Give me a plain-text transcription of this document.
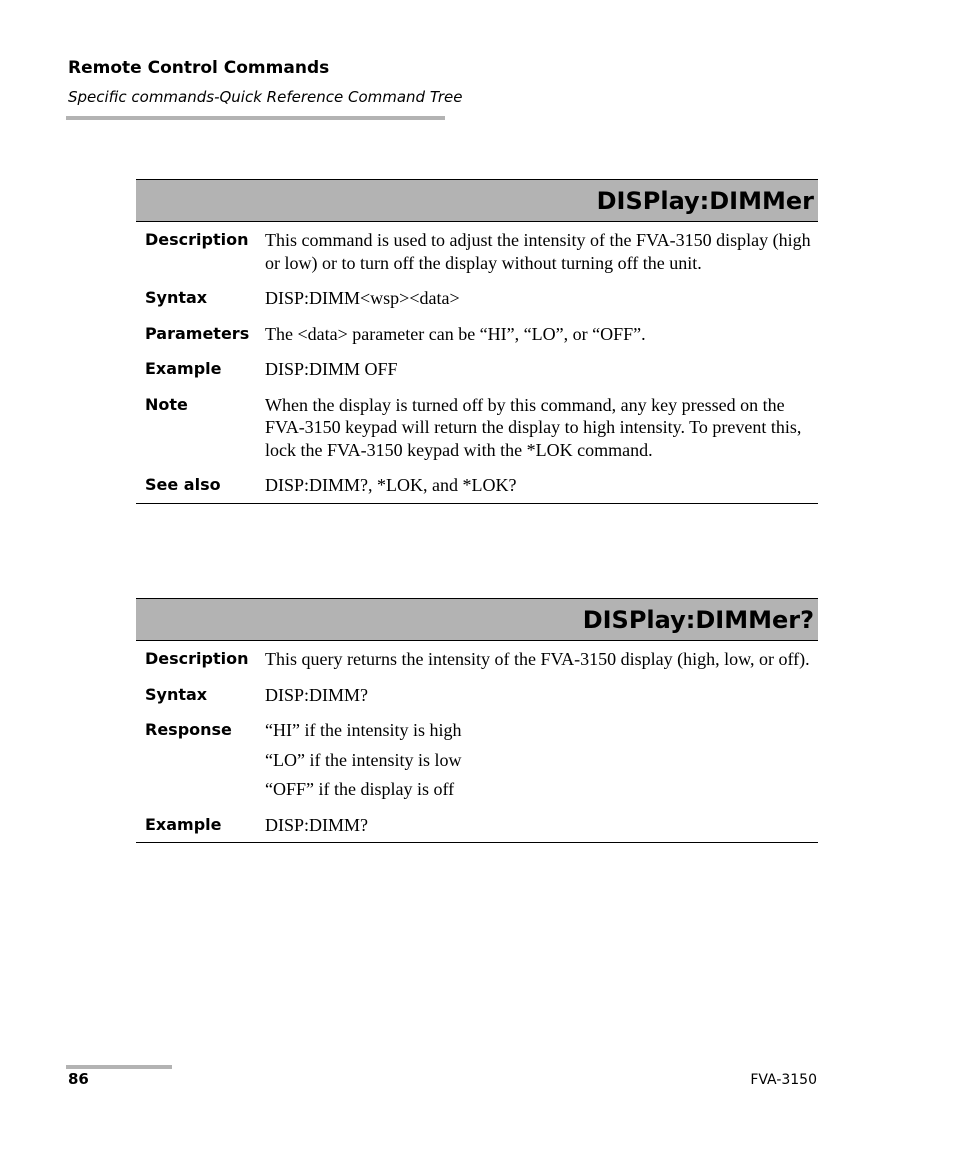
Remote Control Commands
Specific commands-Quick Reference Command Tree
DISPlay:DIMMer
Description This command is used to adjust the intensity of the FVA-3150 display (high or low) or to turn off the display without turning off the unit.
Syntax	DISP:DIMM<wsp><data>
Parameters The <data> parameter can be “HI”, “LO”, or “OFF”.
Example	DISP:DIMM OFF
Note	When the display is turned off by this command, any key pressed on the FVA-3150 keypad will return the display to high intensity. To prevent this, lock the FVA-3150 keypad with the *LOK command.
See also	DISP:DIMM?, *LOK, and *LOK?
DISPlay:DIMMer?
Description This query returns the intensity of the FVA-3150 display (high, low, or off).
Syntax	DISP:DIMM?
Response	“HI” if the intensity is high
“LO” if the intensity is low
“OFF” if the display is off
Example	DISP:DIMM?
86	FVA-3150
